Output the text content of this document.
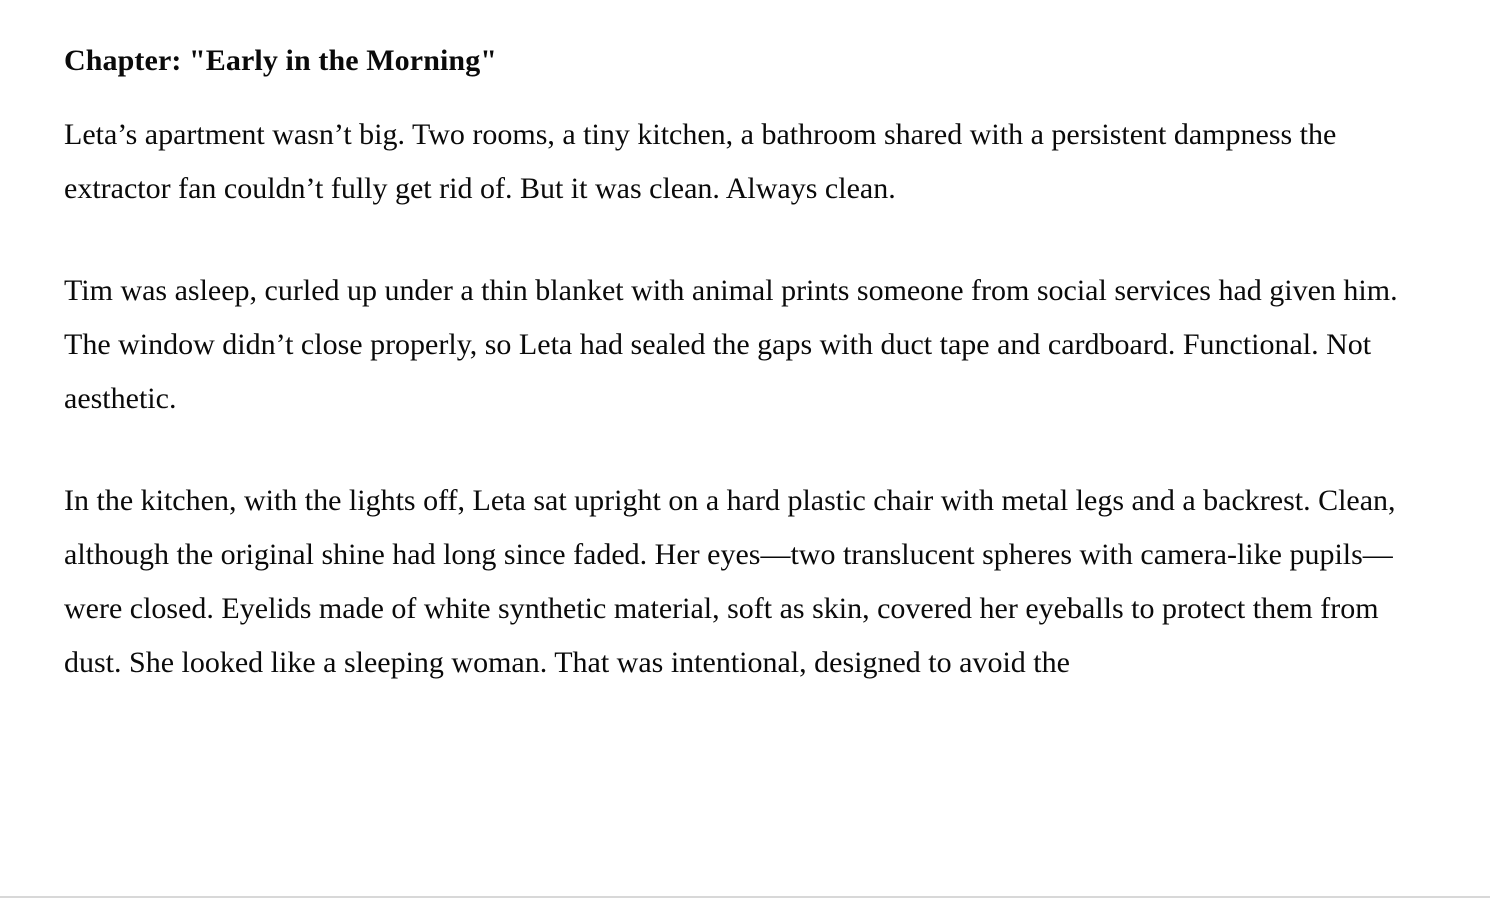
Chapter: "Early in the Morning"

Leta’s apartment wasn’t big. Two rooms, a tiny kitchen, a bathroom shared with a persistent dampness the extractor fan couldn’t fully get rid of. But it was clean. Always clean.

Tim was asleep, curled up under a thin blanket with animal prints someone from social services had given him. The window didn’t close properly, so Leta had sealed the gaps with duct tape and cardboard. Functional. Not aesthetic.

In the kitchen, with the lights off, Leta sat upright on a hard plastic chair with metal legs and a backrest. Clean, although the original shine had long since faded. Her eyes—two translucent spheres with camera-like pupils—were closed. Eyelids made of white synthetic material, soft as skin, covered her eyeballs to protect them from dust. She looked like a sleeping woman. That was intentional, designed to avoid the
